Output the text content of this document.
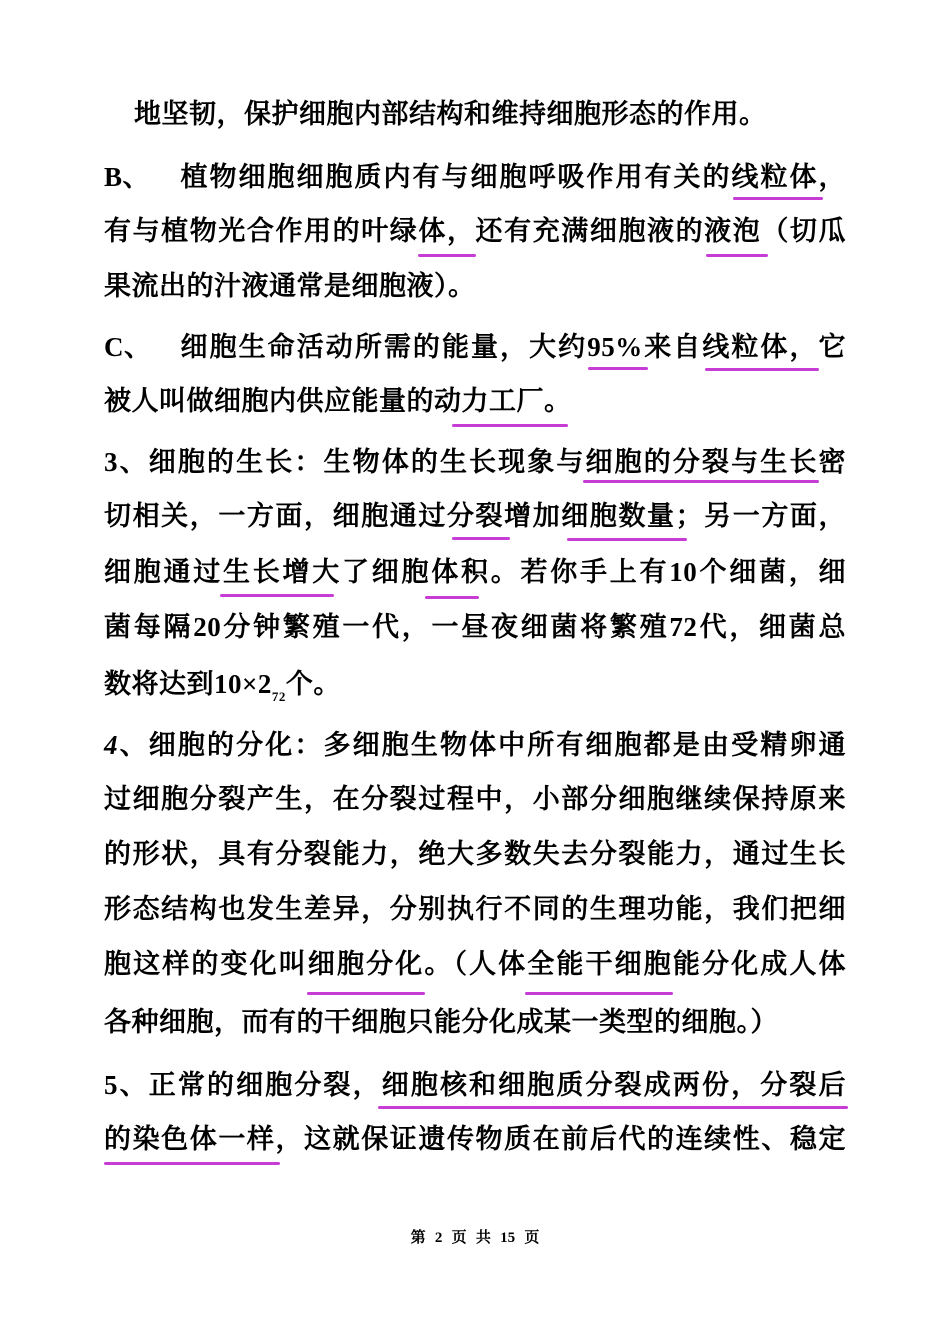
地坚韧，保护细胞内部结构和维持细胞形态的作用。
B、 植物细胞细胞质内有与细胞呼吸作用有关的线粒体，
有与植物光合作用的叶绿体，还有充满细胞液的液泡（切瓜
果流出的汁液通常是细胞液）。
C、 细胞生命活动所需的能量，大约95%来自线粒体，它
被人叫做细胞内供应能量的动力工厂。
3、细胞的生长：生物体的生长现象与细胞的分裂与生长密
切相关，一方面，细胞通过分裂增加细胞数量；另一方面，
细胞通过生长增大了细胞体积。若你手上有10个细菌，细
菌每隔20分钟繁殖一代，一昼夜细菌将繁殖72代，细菌总
数将达到$10\times 2_{72}$个。
4、细胞的分化：多细胞生物体中所有细胞都是由受精卵通
过细胞分裂产生，在分裂过程中，小部分细胞继续保持原来
的形状，具有分裂能力，绝大多数失去分裂能力，通过生长
形态结构也发生差异，分别执行不同的生理功能，我们把细
胞这样的变化叫细胞分化。（人体全能干细胞能分化成人体
各种细胞，而有的干细胞只能分化成某一类型的细胞。）
5、正常的细胞分裂，细胞核和细胞质分裂成两份，分裂后
的染色体一样，这就保证遗传物质在前后代的连续性、稳定
第 2 页 共 15 页
